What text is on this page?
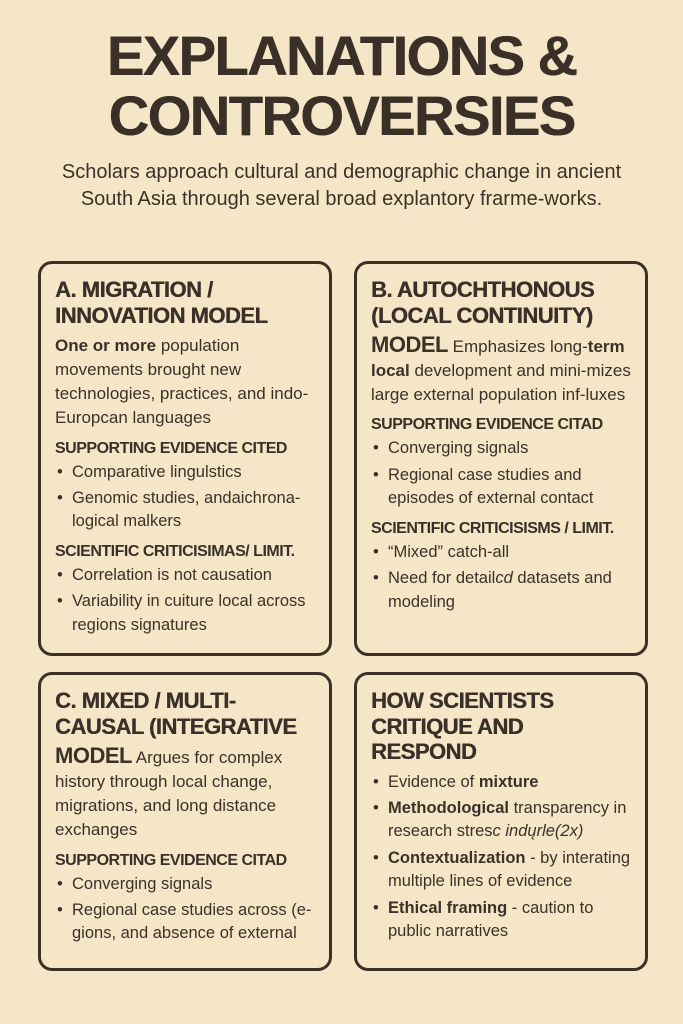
EXPLANATIONS &
CONTROVERSIES

Scholars approach cultural and demographic change in ancient South Asia through several broad explantory frarme-works.

A. MIGRATION /
INNOVATION MODEL

One or more population movements brought new technologies, practices, and indo-Europcan languages

SUPPORTING EVIDENCE CITED
• Comparative lingulstics
• Genomic studies, andaichrona-logical malkers
SCIENTIFIC CRITICISIMAS/ LIMIT.
• Correlation is not causation
• Variability in cuiture local across regions signatures
B. AUTOCHTHONOUS
(LOCAL CONTINUITY)

MODEL Emphasizes long-term local development and mini-mizes large external population inf-luxes

SUPPORTING EVIDENCE CITAD
• Converging signals
• Regional case studies and episodes of external contact
SCIENTIFIC CRITICISISMS / LIMIT.
• “Mixed” catch-all
• Need for detailcd datasets and modeling
C. MIXED / MULTI-
CAUSAL (INTEGRATIVE

MODEL Argues for complex history through local change, migrations, and long distance exchanges

SUPPORTING EVIDENCE CITAD
• Converging signals
• Regional case studies across (e-gions, and absence of external
HOW SCIENTISTS
CRITIQUE AND
RESPOND
• Evidence of mixture
• Methodological transparency in research stresc indųrle(2x)
• Contextualization - by interating multiple lines of evidence
• Ethical framing - caution to public narratives
